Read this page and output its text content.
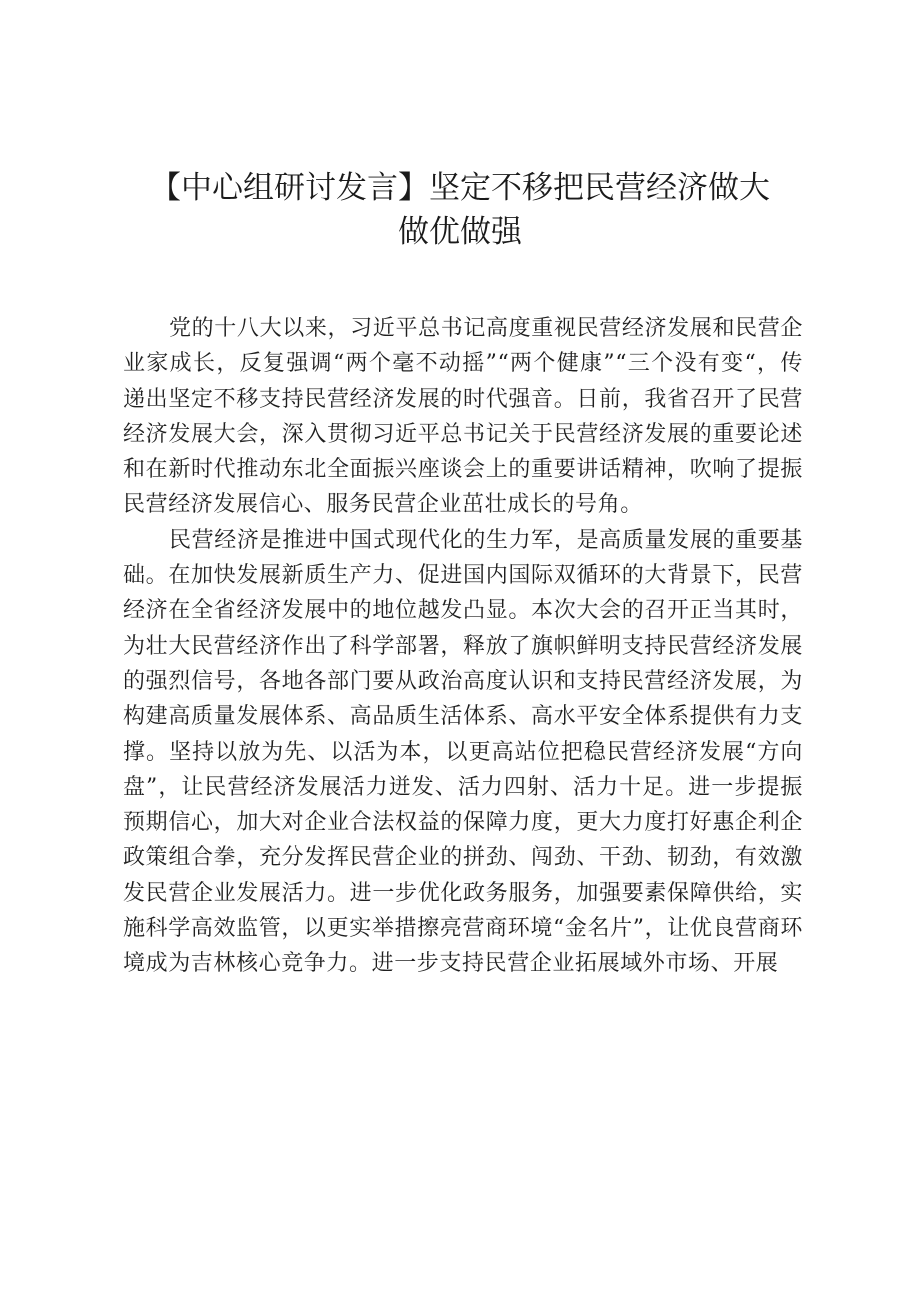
【中心组研讨发言】坚定不移把民营经济做大
做优做强

党的十八大以来，习近平总书记高度重视民营经济发展和民营企业家成长，反复强调“两个毫不动摇”“两个健康”“三个没有变“，传递出坚定不移支持民营经济发展的时代强音。日前，我省召开了民营经济发展大会，深入贯彻习近平总书记关于民营经济发展的重要论述和在新时代推动东北全面振兴座谈会上的重要讲话精神，吹响了提振民营经济发展信心、服务民营企业茁壮成长的号角。

民营经济是推进中国式现代化的生力军，是高质量发展的重要基础。在加快发展新质生产力、促进国内国际双循环的大背景下，民营经济在全省经济发展中的地位越发凸显。本次大会的召开正当其时，为壮大民营经济作出了科学部署，释放了旗帜鲜明支持民营经济发展的强烈信号，各地各部门要从政治高度认识和支持民营经济发展，为构建高质量发展体系、高品质生活体系、高水平安全体系提供有力支撑。坚持以放为先、以活为本，以更高站位把稳民营经济发展“方向盘”，让民营经济发展活力迸发、活力四射、活力十足。进一步提振预期信心，加大对企业合法权益的保障力度，更大力度打好惠企利企政策组合拳，充分发挥民营企业的拼劲、闯劲、干劲、韧劲，有效激发民营企业发展活力。进一步优化政务服务，加强要素保障供给，实施科学高效监管，以更实举措擦亮营商环境“金名片”，让优良营商环境成为吉林核心竞争力。进一步支持民营企业拓展域外市场、开展
